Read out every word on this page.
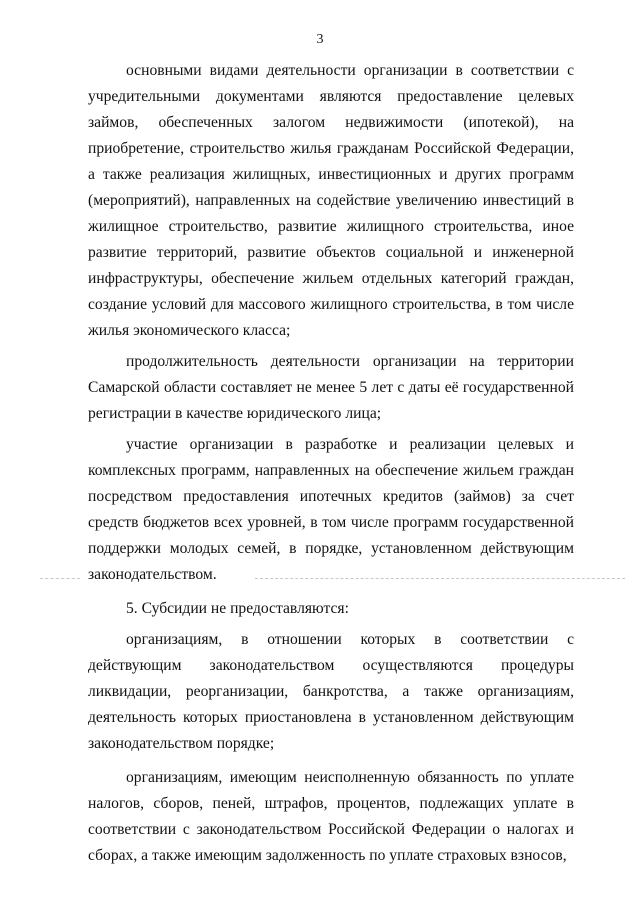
3

основными видами деятельности организации в соответствии с учредительными документами являются предоставление целевых займов, обеспеченных залогом недвижимости (ипотекой), на приобретение, строительство жилья гражданам Российской Федерации, а также реализация жилищных, инвестиционных и других программ (мероприятий), направленных на содействие увеличению инвестиций в жилищное строительство, развитие жилищного строительства, иное развитие территорий, развитие объектов социальной и инженерной инфраструктуры, обеспечение жильем отдельных категорий граждан, создание условий для массового жилищного строительства, в том числе жилья экономического класса;

продолжительность деятельности организации на территории Самарской области составляет не менее 5 лет с даты её государственной регистрации в качестве юридического лица;

участие организации в разработке и реализации целевых и комплексных программ, направленных на обеспечение жильем граждан посредством предоставления ипотечных кредитов (займов) за счет средств бюджетов всех уровней, в том числе программ государственной поддержки молодых семей, в порядке, установленном действующим законодательством.

5. Субсидии не предоставляются:

организациям, в отношении которых в соответствии с действующим законодательством осуществляются процедуры ликвидации, реорганизации, банкротства, а также организациям, деятельность которых приостановлена в установленном действующим законодательством порядке;

организациям, имеющим неисполненную обязанность по уплате налогов, сборов, пеней, штрафов, процентов, подлежащих уплате в соответствии с законодательством Российской Федерации о налогах и сборах, а также имеющим задолженность по уплате страховых взносов,
